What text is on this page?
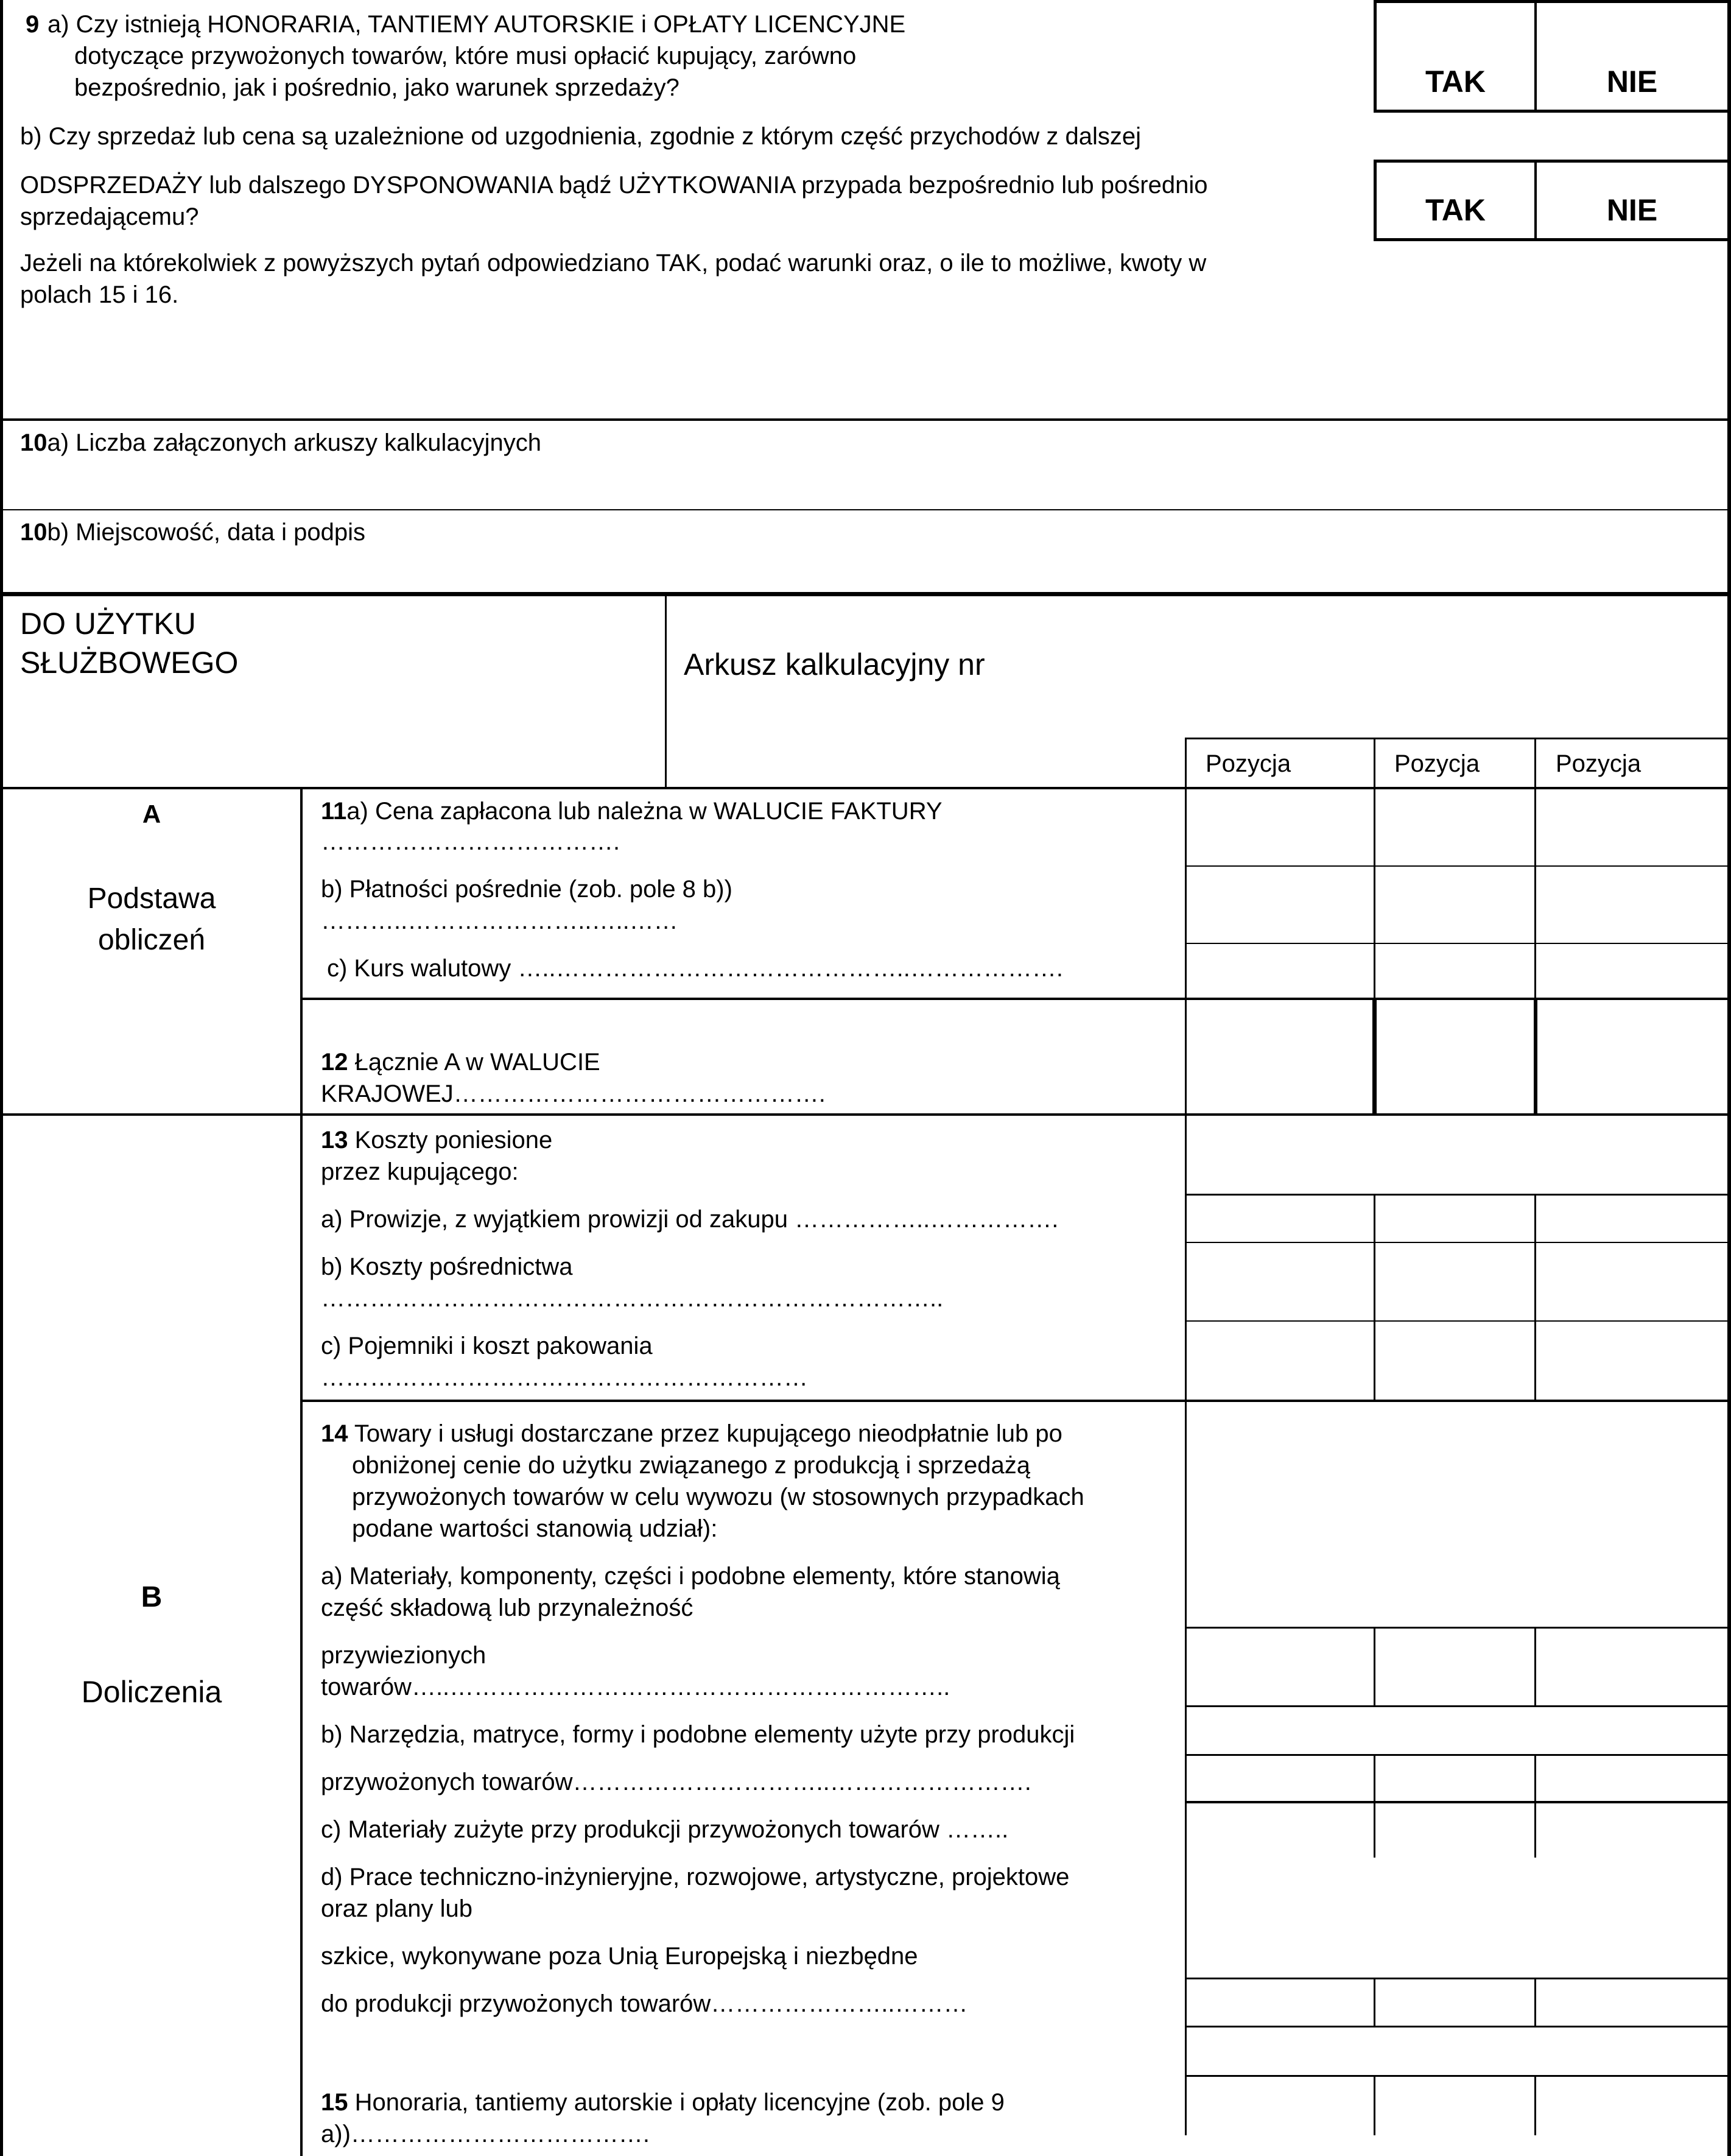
9 a) Czy istnieją HONORARIA, TANTIEMY AUTORSKIE i OPŁATY LICENCYJNE
dotyczące przywożonych towarów, które musi opłacić kupujący, zarówno
bezpośrednio, jak i pośrednio, jako warunek sprzedaży?	TAK	NIE
b) Czy sprzedaż lub cena są uzależnione od uzgodnienia, zgodnie z którym część przychodów z dalszej
ODSPRZEDAŻY lub dalszego DYSPONOWANIA bądź UŻYTKOWANIA przypada bezpośrednio lub pośrednio
sprzedającemu?	TAK	NIE
Jeżeli na którekolwiek z powyższych pytań odpowiedziano TAK, podać warunki oraz, o ile to możliwe, kwoty w
polach 15 i 16.
10a) Liczba załączonych arkuszy kalkulacyjnych
10b) Miejscowość, data i podpis
DO UŻYTKU
SŁUŻBOWEGO	Arkusz kalkulacyjny nr
Pozycja	Pozycja	Pozycja
A
Podstawa
obliczeń
11a) Cena zapłacona lub należna w WALUCIE FAKTURY
……………………………….
b) Płatności pośrednie (zob. pole 8 b))
………..…………………..…..……
c) Kurs walutowy …..……………………………………..……………….
12 Łącznie A w WALUCIE
KRAJOWEJ……………………………………….
B
Doliczenia
13 Koszty poniesione
przez kupującego:
a) Prowizje, z wyjątkiem prowizji od zakupu ……………..…………….
b) Koszty pośrednictwa
…………………………………………………………………..
c) Pojemniki i koszt pakowania
……………………………………………………
14 Towary i usługi dostarczane przez kupującego nieodpłatnie lub po
obniżonej cenie do użytku związanego z produkcją i sprzedażą
przywożonych towarów w celu wywozu (w stosownych przypadkach
podane wartości stanowią udział):
a) Materiały, komponenty, części i podobne elementy, które stanowią
część składową lub przynależność
przywiezionych
towarów…..……………………………………………………..
b) Narzędzia, matryce, formy i podobne elementy użyte przy produkcji
przywożonych towarów…………………………..…………………….
c) Materiały zużyte przy produkcji przywożonych towarów ……..
d) Prace techniczno-inżynieryjne, rozwojowe, artystyczne, projektowe
oraz plany lub
szkice, wykonywane poza Unią Europejską i niezbędne
do produkcji przywożonych towarów…………………..………
15 Honoraria, tantiemy autorskie i opłaty licencyjne (zob. pole 9
a))……………………………….
